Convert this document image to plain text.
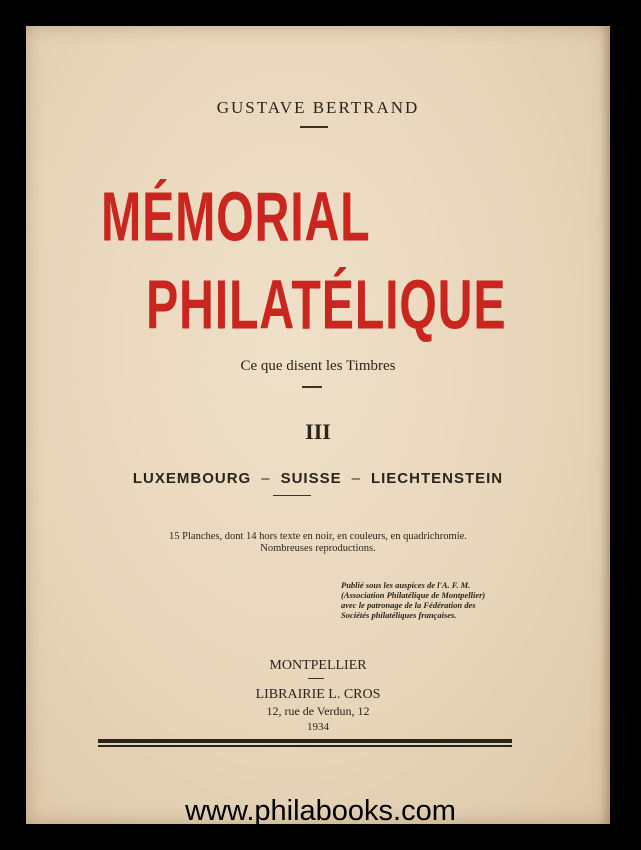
GUSTAVE BERTRAND
MÉMORIAL
PHILATÉLIQUE
Ce que disent les Timbres
III
LUXEMBOURG – SUISSE – LIECHTENSTEIN
15 Planches, dont 14 hors texte en noir, en couleurs, en quadrichromie.
Nombreuses reproductions.
Publié sous les auspices de l'A. F. M.
(Association Philatélique de Montpellier)
avec le patronage de la Fédération des
Sociétés philatéliques françaises.
MONTPELLIER
LIBRAIRIE L. CROS
12, rue de Verdun, 12
1934
www.philabooks.com
